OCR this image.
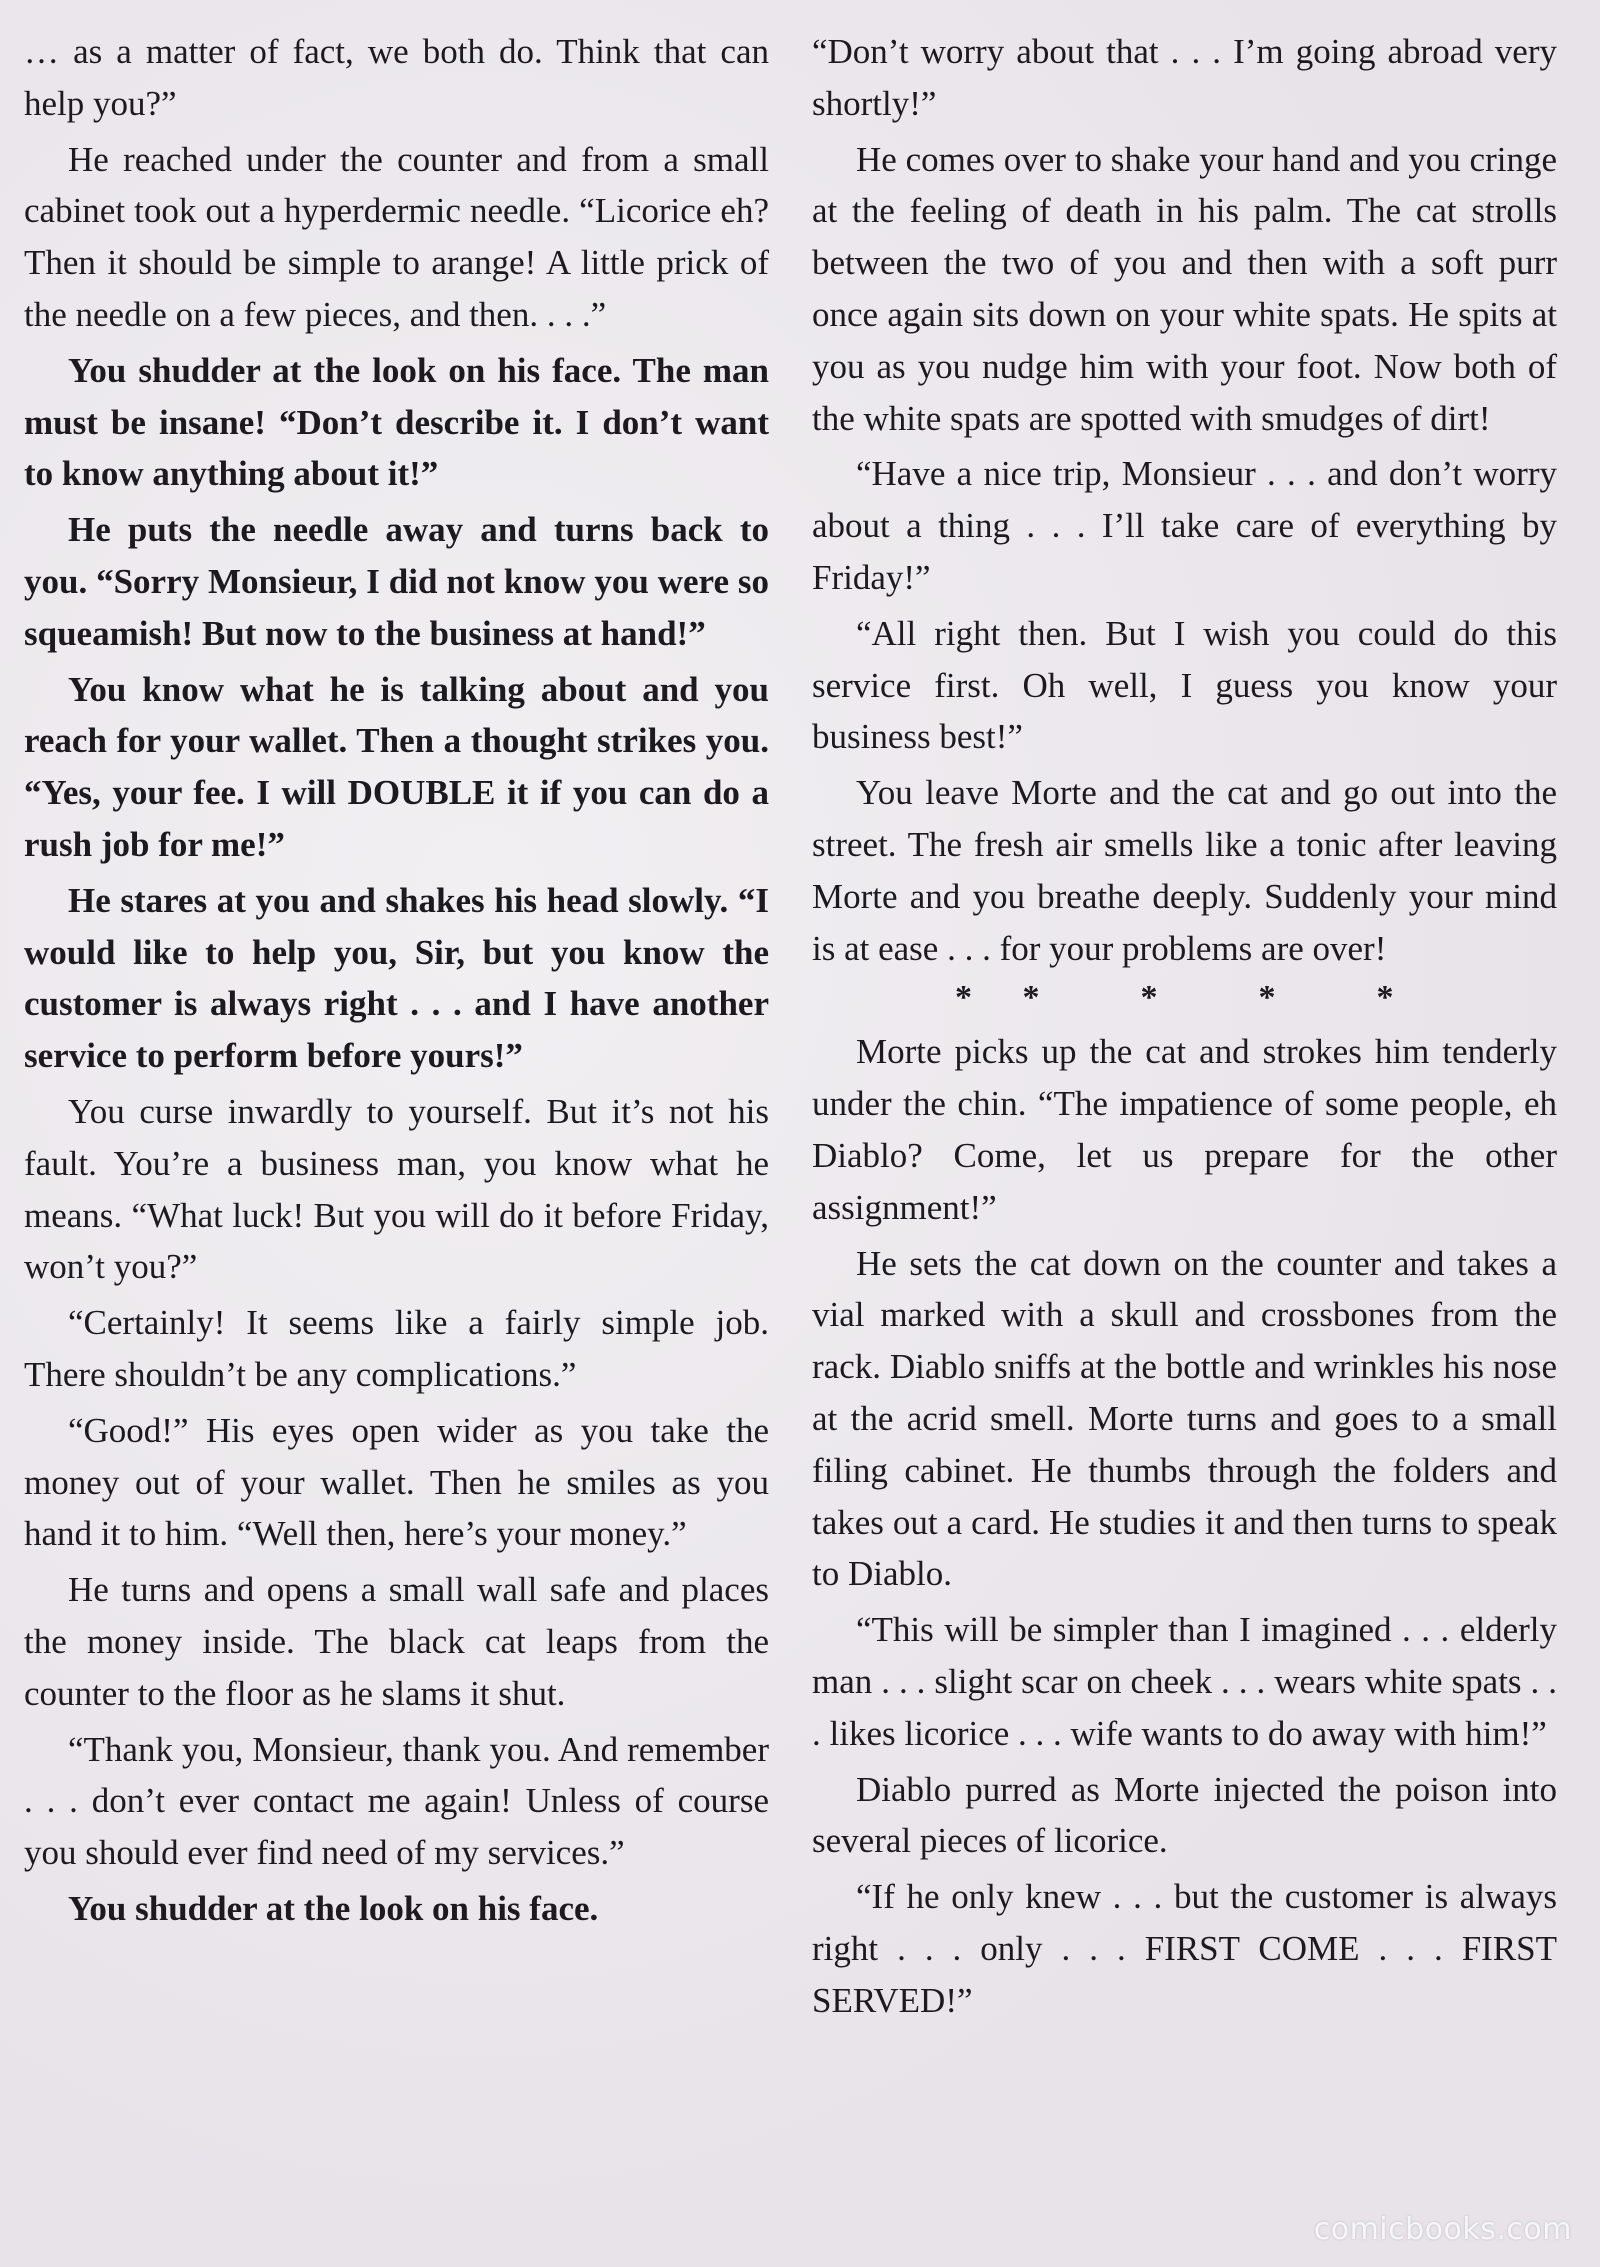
… as a matter of fact, we both do. Think that can help you?”

He reached under the counter and from a small cabinet took out a hyperdermic needle. “Licorice eh? Then it should be simple to arange! A little prick of the needle on a few pieces, and then. . . .”

You shudder at the look on his face. The man must be insane! “Don’t describe it. I don’t want to know anything about it!”

He puts the needle away and turns back to you. “Sorry Monsieur, I did not know you were so squeamish! But now to the business at hand!”

You know what he is talking about and you reach for your wallet. Then a thought strikes you. “Yes, your fee. I will DOUBLE it if you can do a rush job for me!”

He stares at you and shakes his head slowly. “I would like to help you, Sir, but you know the customer is always right . . . and I have another service to perform before yours!”

You curse inwardly to yourself. But it’s not his fault. You’re a business man, you know what he means. “What luck! But you will do it before Friday, won’t you?”

“Certainly! It seems like a fairly simple job. There shouldn’t be any complications.”

“Good!” His eyes open wider as you take the money out of your wallet. Then he smiles as you hand it to him. “Well then, here’s your money.”

He turns and opens a small wall safe and places the money inside. The black cat leaps from the counter to the floor as he slams it shut.

“Thank you, Monsieur, thank you. And remember . . . don’t ever contact me again! Unless of course you should ever find need of my services.”

You shudder at the look on his face.

“Don’t worry about that . . . I’m going abroad very shortly!”

He comes over to shake your hand and you cringe at the feeling of death in his palm. The cat strolls between the two of you and then with a soft purr once again sits down on your white spats. He spits at you as you nudge him with your foot. Now both of the white spats are spotted with smudges of dirt!

“Have a nice trip, Monsieur . . . and don’t worry about a thing . . . I’ll take care of everything by Friday!”

“All right then. But I wish you could do this service first. Oh well, I guess you know your business best!”

You leave Morte and the cat and go out into the street. The fresh air smells like a tonic after leaving Morte and you breathe deeply. Suddenly your mind is at ease . . . for your problems are over!

* *	*	*	*

Morte picks up the cat and strokes him tenderly under the chin. “The impatience of some people, eh Diablo? Come, let us prepare for the other assignment!”

He sets the cat down on the counter and takes a vial marked with a skull and crossbones from the rack. Diablo sniffs at the bottle and wrinkles his nose at the acrid smell. Morte turns and goes to a small filing cabinet. He thumbs through the folders and takes out a card. He studies it and then turns to speak to Diablo.

“This will be simpler than I imagined . . . elderly man . . . slight scar on cheek . . . wears white spats . . . likes licorice . . . wife wants to do away with him!”

Diablo purred as Morte injected the poison into several pieces of licorice.

“If he only knew . . . but the customer is always right . . . only . . . FIRST COME . . . FIRST SERVED!”

comicbooks.com
